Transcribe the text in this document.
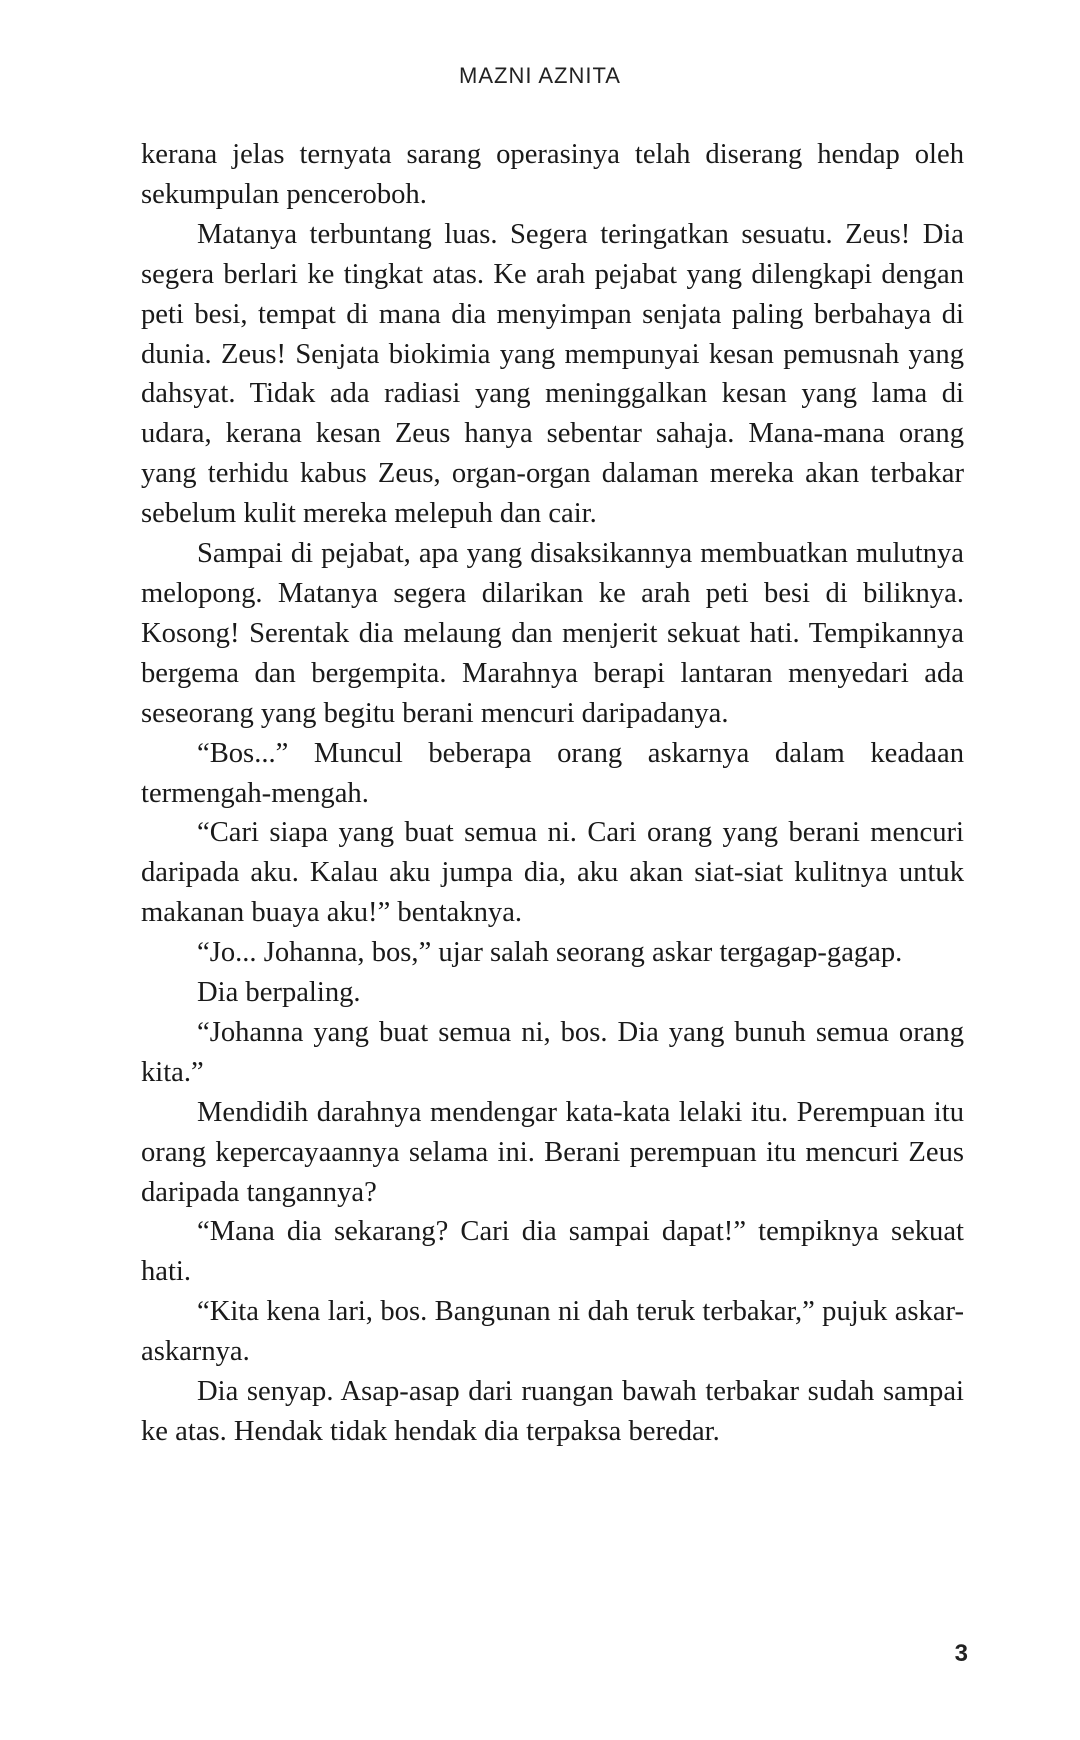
MAZNI AZNITA

kerana jelas ternyata sarang operasinya telah diserang hendap oleh sekumpulan penceroboh.

Matanya terbuntang luas. Segera teringatkan sesuatu. Zeus! Dia segera berlari ke tingkat atas. Ke arah pejabat yang dilengkapi dengan peti besi, tempat di mana dia menyimpan senjata paling berbahaya di dunia. Zeus! Senjata biokimia yang mempunyai kesan pemusnah yang dahsyat. Tidak ada radiasi yang meninggalkan kesan yang lama di udara, kerana kesan Zeus hanya sebentar sahaja. Mana-mana orang yang terhidu kabus Zeus, organ-organ dalaman mereka akan terbakar sebelum kulit mereka melepuh dan cair.

Sampai di pejabat, apa yang disaksikannya membuatkan mulutnya melopong. Matanya segera dilarikan ke arah peti besi di biliknya. Kosong! Serentak dia melaung dan menjerit sekuat hati. Tempikannya bergema dan bergempita. Marahnya berapi lantaran menyedari ada seseorang yang begitu berani mencuri daripadanya.

“Bos...” Muncul beberapa orang askarnya dalam keadaan termengah-mengah.

“Cari siapa yang buat semua ni. Cari orang yang berani mencuri daripada aku. Kalau aku jumpa dia, aku akan siat-siat kulitnya untuk makanan buaya aku!” bentaknya.

“Jo... Johanna, bos,” ujar salah seorang askar tergagap-gagap.

Dia berpaling.

“Johanna yang buat semua ni, bos. Dia yang bunuh semua orang kita.”

Mendidih darahnya mendengar kata-kata lelaki itu. Perempuan itu orang kepercayaannya selama ini. Berani perempuan itu mencuri Zeus daripada tangannya?

“Mana dia sekarang? Cari dia sampai dapat!” tempiknya sekuat hati.

“Kita kena lari, bos. Bangunan ni dah teruk terbakar,” pujuk askar-askarnya.

Dia senyap. Asap-asap dari ruangan bawah terbakar sudah sampai ke atas. Hendak tidak hendak dia terpaksa beredar.

3
